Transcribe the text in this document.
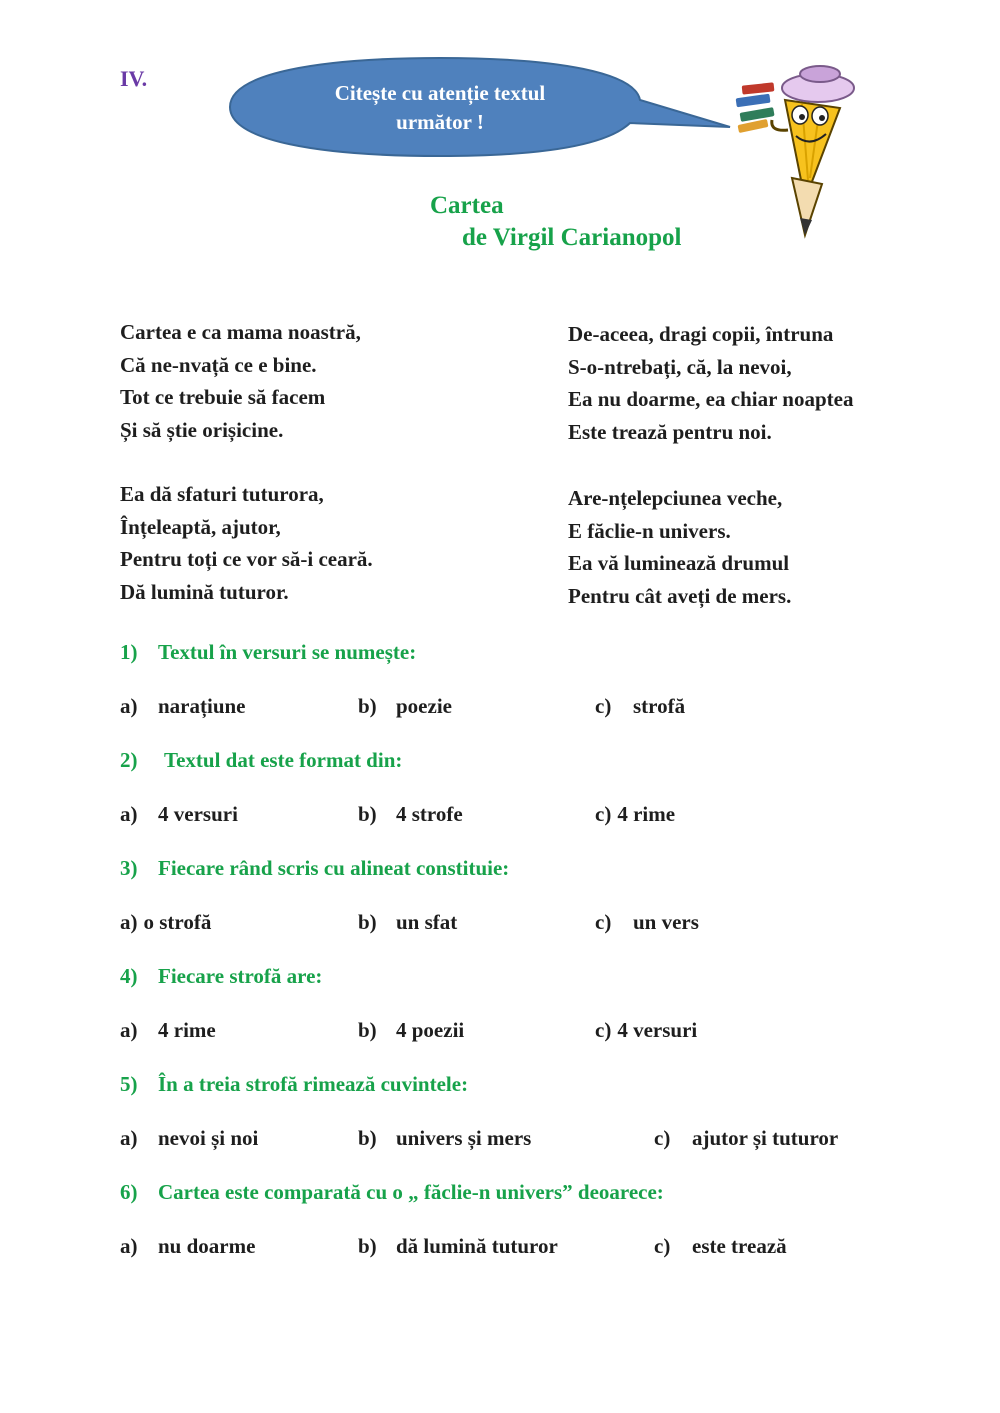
IV.
Citește cu atenție textul
următor !
Cartea
de Virgil Carianopol
Cartea e ca mama noastră,
Că ne-nvață ce e bine.
Tot ce trebuie să facem
Și să știe orișicine.
Ea dă sfaturi tuturora,
Înțeleaptă, ajutor,
Pentru toți ce vor să-i ceară.
Dă lumină tuturor.
De-aceea, dragi copii, întruna
S-o-ntrebați, că, la nevoi,
Ea nu doarme, ea chiar noaptea
Este trează pentru noi.
Are-nțelepciunea veche,
E făclie-n univers.
Ea vă luminează drumul
Pentru cât aveți de mers.
1) Textul în versuri se numește:
a) narațiune	b) poezie	c) strofă
2) Textul dat este format din:
a) 4 versuri	b) 4 strofe	c) 4 rime
3) Fiecare rând scris cu alineat constituie:
a) o strofă	b) un sfat	c) un vers
4) Fiecare strofă are:
a) 4 rime	b) 4 poezii	c) 4 versuri
5) În a treia strofă rimează cuvintele:
a) nevoi și noi	b) univers și mers	c) ajutor și tuturor
6) Cartea este comparată cu o „ făclie-n univers” deoarece:
a) nu doarme	b) dă lumină tuturor	c) este trează
